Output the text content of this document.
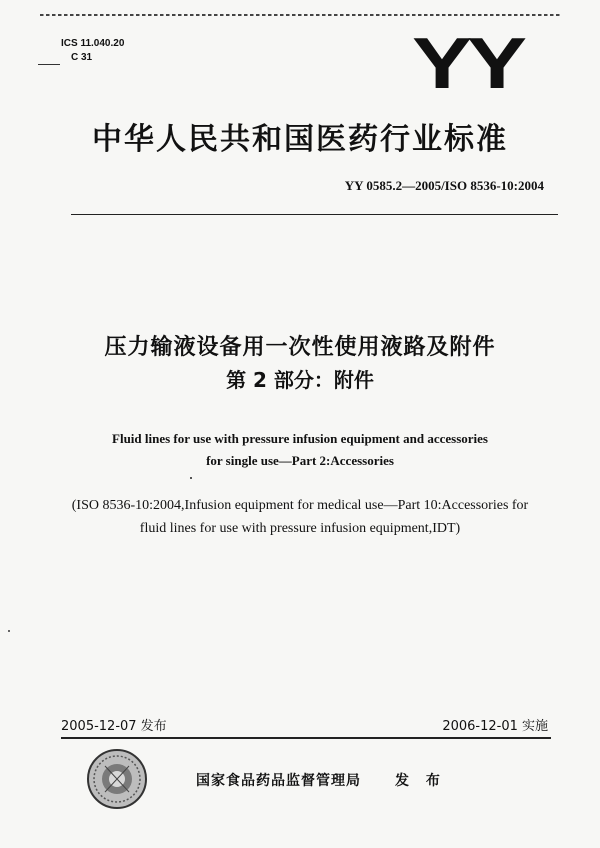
ICS 11.040.20
C 31	YY
中华人民共和国医药行业标准
YY 0585.2—2005/ISO 8536-10:2004
压力输液设备用一次性使用液路及附件
第 2 部分：附件
Fluid lines for use with pressure infusion equipment and accessories
for single use—Part 2:Accessories
(ISO 8536-10:2004,Infusion equipment for medical use—Part 10:Accessories for
fluid lines for use with pressure infusion equipment,IDT)
2005-12-07 发布	2006-12-01 实施
国家食品药品监督管理局 发 布
